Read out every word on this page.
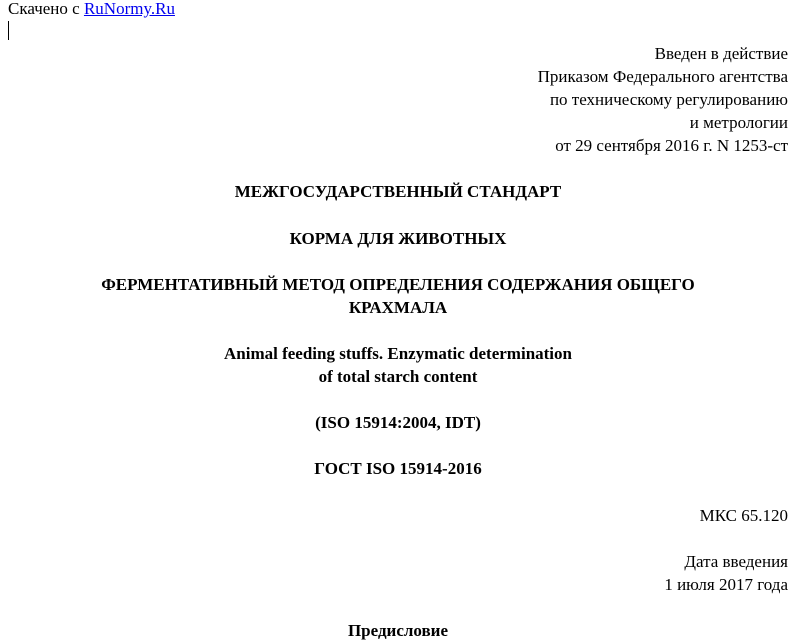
Скачено с RuNormy.Ru
Введен в действие
Приказом Федерального агентства
по техническому регулированию
и метрологии
от 29 сентября 2016 г. N 1253-ст
МЕЖГОСУДАРСТВЕННЫЙ СТАНДАРТ
КОРМА ДЛЯ ЖИВОТНЫХ
ФЕРМЕНТАТИВНЫЙ МЕТОД ОПРЕДЕЛЕНИЯ СОДЕРЖАНИЯ ОБЩЕГО
КРАХМАЛА
Animal feeding stuffs. Enzymatic determination
of total starch content
(ISO 15914:2004, IDT)
ГОСТ ISO 15914-2016
МКС 65.120
Дата введения
1 июля 2017 года
Предисловие
